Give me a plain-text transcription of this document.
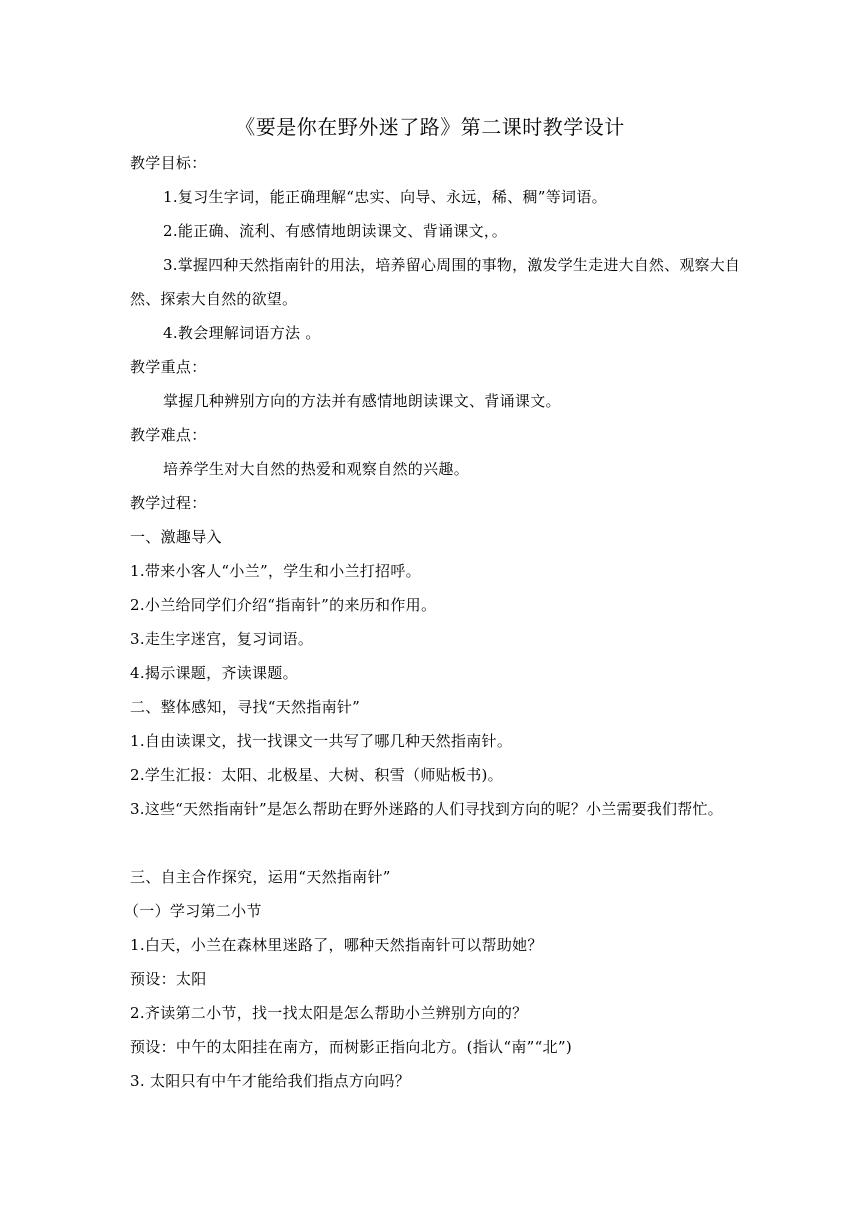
《要是你在野外迷了路》第二课时教学设计
教学目标：
1.复习生字词，能正确理解“忠实、向导、永远，稀、稠”等词语。
2.能正确、流利、有感情地朗读课文、背诵课文，。
3.掌握四种天然指南针的用法，培养留心周围的事物，激发学生走进大自然、观察大自然、探索大自然的欲望。
4.教会理解词语方法 。
教学重点：
掌握几种辨别方向的方法并有感情地朗读课文、背诵课文。
教学难点：
培养学生对大自然的热爱和观察自然的兴趣。
教学过程：
一、激趣导入
1.带来小客人“小兰”，学生和小兰打招呼。
2.小兰给同学们介绍“指南针”的来历和作用。
3.走生字迷宫，复习词语。
4.揭示课题，齐读课题。
二、整体感知，寻找“天然指南针”
1.自由读课文，找一找课文一共写了哪几种天然指南针。
2.学生汇报：太阳、北极星、大树、积雪（师贴板书)。
3.这些“天然指南针”是怎么帮助在野外迷路的人们寻找到方向的呢？小兰需要我们帮忙。
三、自主合作探究，运用“天然指南针”
（一）学习第二小节
1.白天，小兰在森林里迷路了，哪种天然指南针可以帮助她？
预设：太阳
2.齐读第二小节，找一找太阳是怎么帮助小兰辨别方向的？
预设：中午的太阳挂在南方，而树影正指向北方。(指认“南”“北”)
3. 太阳只有中午才能给我们指点方向吗？
